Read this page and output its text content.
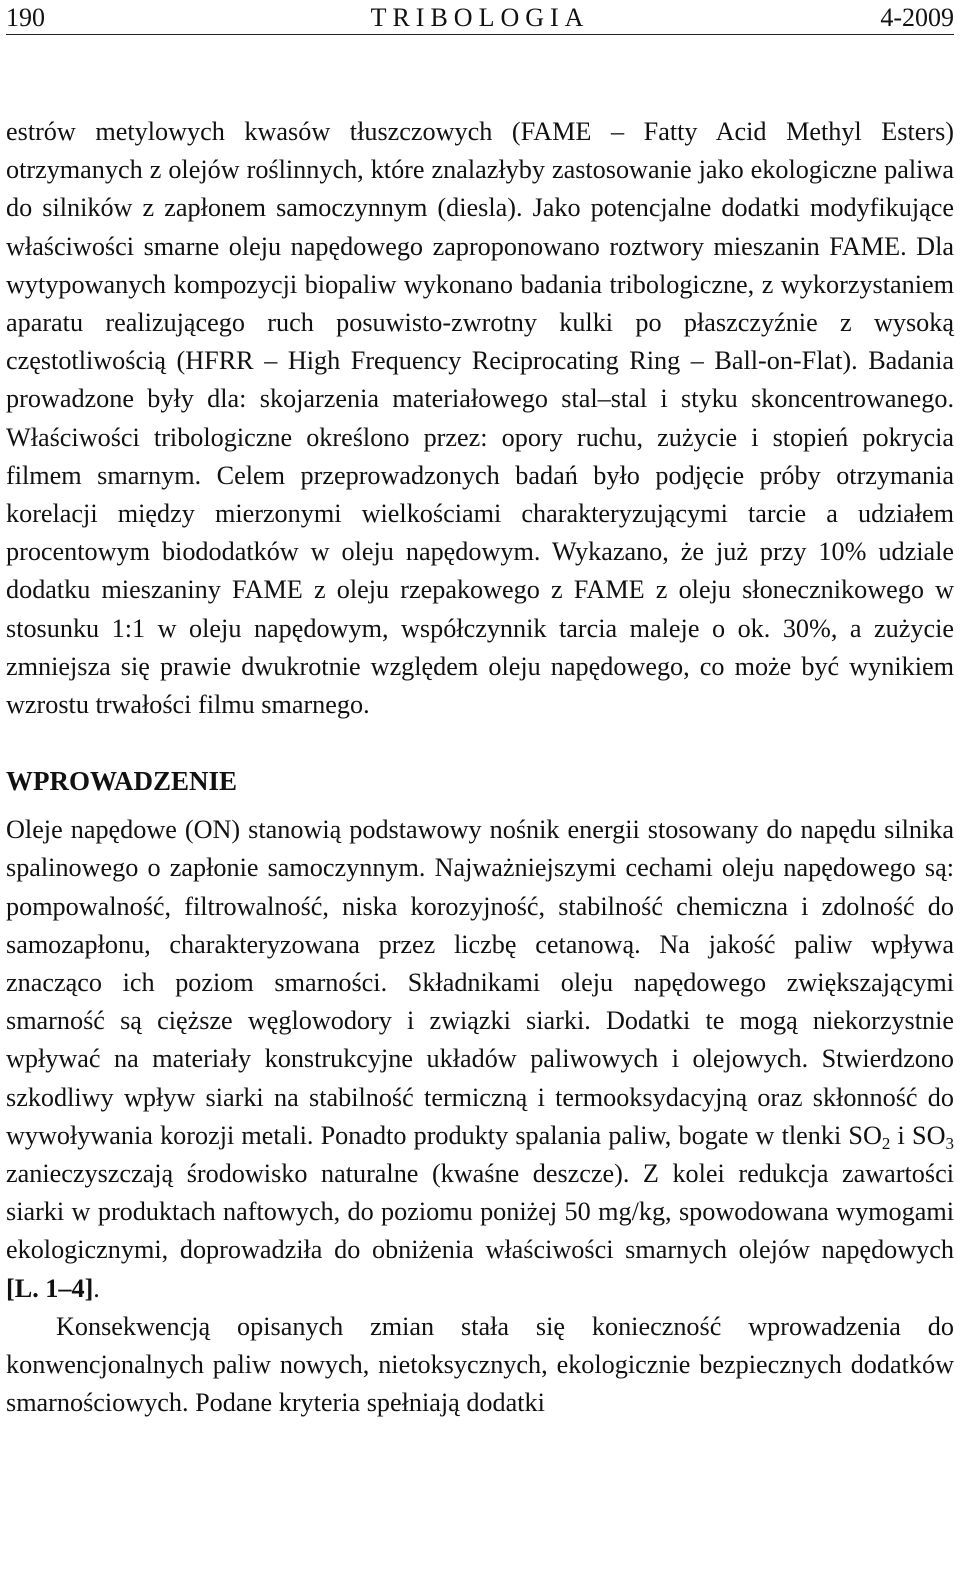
190	TRIBOLOGIA	4-2009

estrów metylowych kwasów tłuszczowych (FAME – Fatty Acid Methyl Esters) otrzymanych z olejów roślinnych, które znalazłyby zastosowanie jako ekologiczne paliwa do silników z zapłonem samoczynnym (diesla). Jako potencjalne dodatki modyfikujące właściwości smarne oleju napędowego zaproponowano roztwory mieszanin FAME. Dla wytypowanych kompozycji biopaliw wykonano badania tribologiczne, z wykorzystaniem aparatu realizującego ruch posuwisto-zwrotny kulki po płaszczyźnie z wysoką częstotliwością (HFRR – High Frequency Reciprocating Ring – Ball-on-Flat). Badania prowadzone były dla: skojarzenia materiałowego stal–stal i styku skoncentrowanego. Właściwości tribologiczne określono przez: opory ruchu, zużycie i stopień pokrycia filmem smarnym. Celem przeprowadzonych badań było podjęcie próby otrzymania korelacji między mierzonymi wielkościami charakteryzującymi tarcie a udziałem procentowym biododatków w oleju napędowym. Wykazano, że już przy 10% udziale dodatku mieszaniny FAME z oleju rzepakowego z FAME z oleju słonecznikowego w stosunku 1:1 w oleju napędowym, współczynnik tarcia maleje o ok. 30%, a zużycie zmniejsza się prawie dwukrotnie względem oleju napędowego, co może być wynikiem wzrostu trwałości filmu smarnego.

WPROWADZENIE

Oleje napędowe (ON) stanowią podstawowy nośnik energii stosowany do napędu silnika spalinowego o zapłonie samoczynnym. Najważniejszymi cechami oleju napędowego są: pompowalność, filtrowalność, niska korozyjność, stabilność chemiczna i zdolność do samozapłonu, charakteryzowana przez liczbę cetanową. Na jakość paliw wpływa znacząco ich poziom smarności. Składnikami oleju napędowego zwiększającymi smarność są cięższe węglowodory i związki siarki. Dodatki te mogą niekorzystnie wpływać na materiały konstrukcyjne układów paliwowych i olejowych. Stwierdzono szkodliwy wpływ siarki na stabilność termiczną i termooksydacyjną oraz skłonność do wywoływania korozji metali. Ponadto produkty spalania paliw, bogate w tlenki $SO_2$ i $SO_3$ zanieczyszczają środowisko naturalne (kwaśne deszcze). Z kolei redukcja zawartości siarki w produktach naftowych, do poziomu poniżej 50 mg/kg, spowodowana wymogami ekologicznymi, doprowadziła do obniżenia właściwości smarnych olejów napędowych [L. 1–4].

Konsekwencją opisanych zmian stała się konieczność wprowadzenia do konwencjonalnych paliw nowych, nietoksycznych, ekologicznie bezpiecznych dodatków smarnościowych. Podane kryteria spełniają dodatki
